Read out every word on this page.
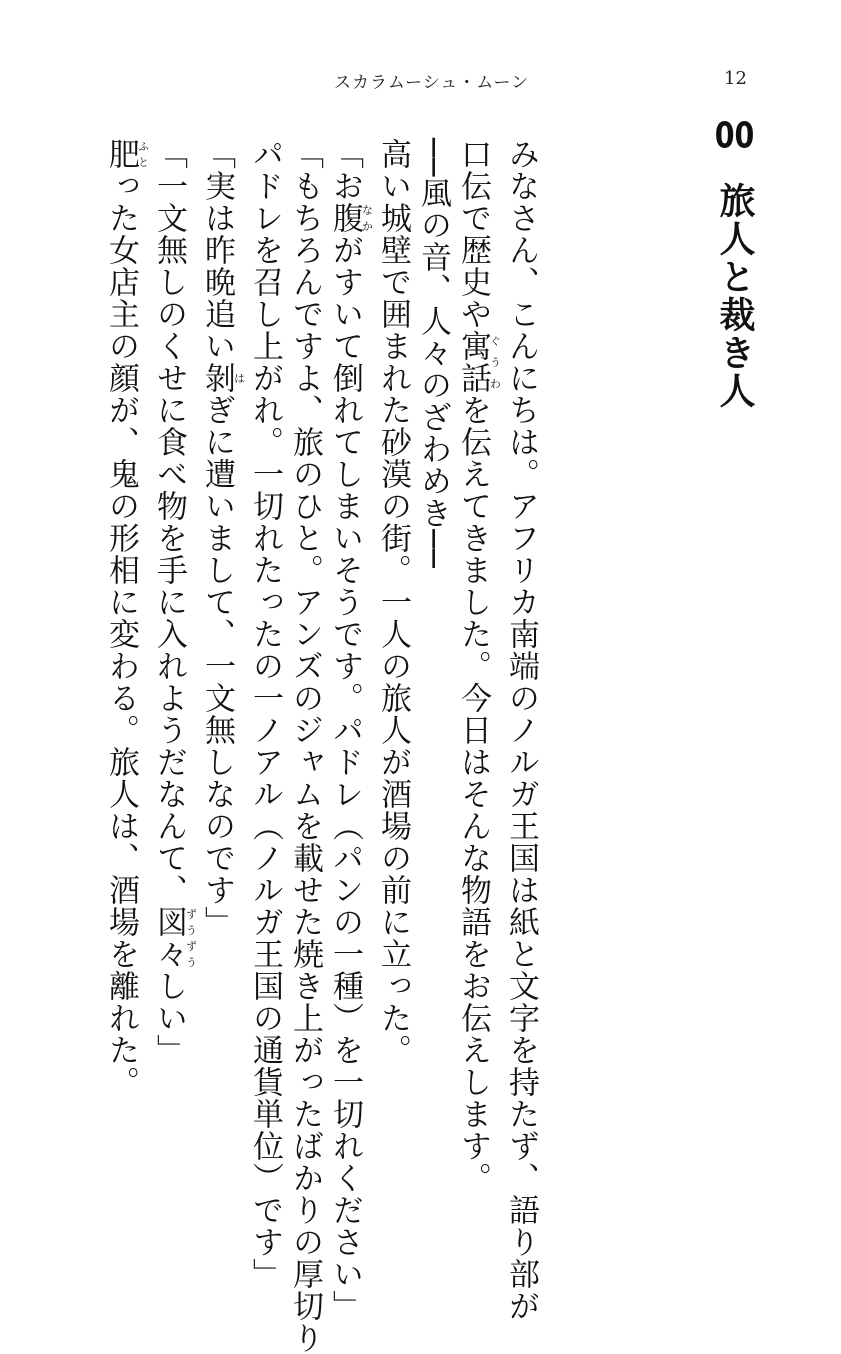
スカラムーシュ・ムーン	12
00旅人と裁き人
みなさん、こんにちは。アフリカ南端のノルガ王国は紙と文字を持たず、語り部が
口伝で歴史や寓話ぐうわを伝えてきました。今日はそんな物語をお伝えします。
──風の音、人々のざわめき──
高い城壁で囲まれた砂漠の街。一人の旅人が酒場の前に立った。
「お腹なかがすいて倒れてしまいそうです。パドレ（パンの一種）を一切れください」
「もちろんですよ、旅のひと。アンズのジャムを載せた焼き上がったばかりの厚切り
パドレを召し上がれ。一切れたったの一ノアル（ノルガ王国の通貨単位）です」
「実は昨晩追い剝はぎに遭いまして、一文無しなのです」
「一文無しのくせに食べ物を手に入れようだなんて、図々ずうずうしい」
肥ふとった女店主の顔が、鬼の形相に変わる。旅人は、酒場を離れた。
